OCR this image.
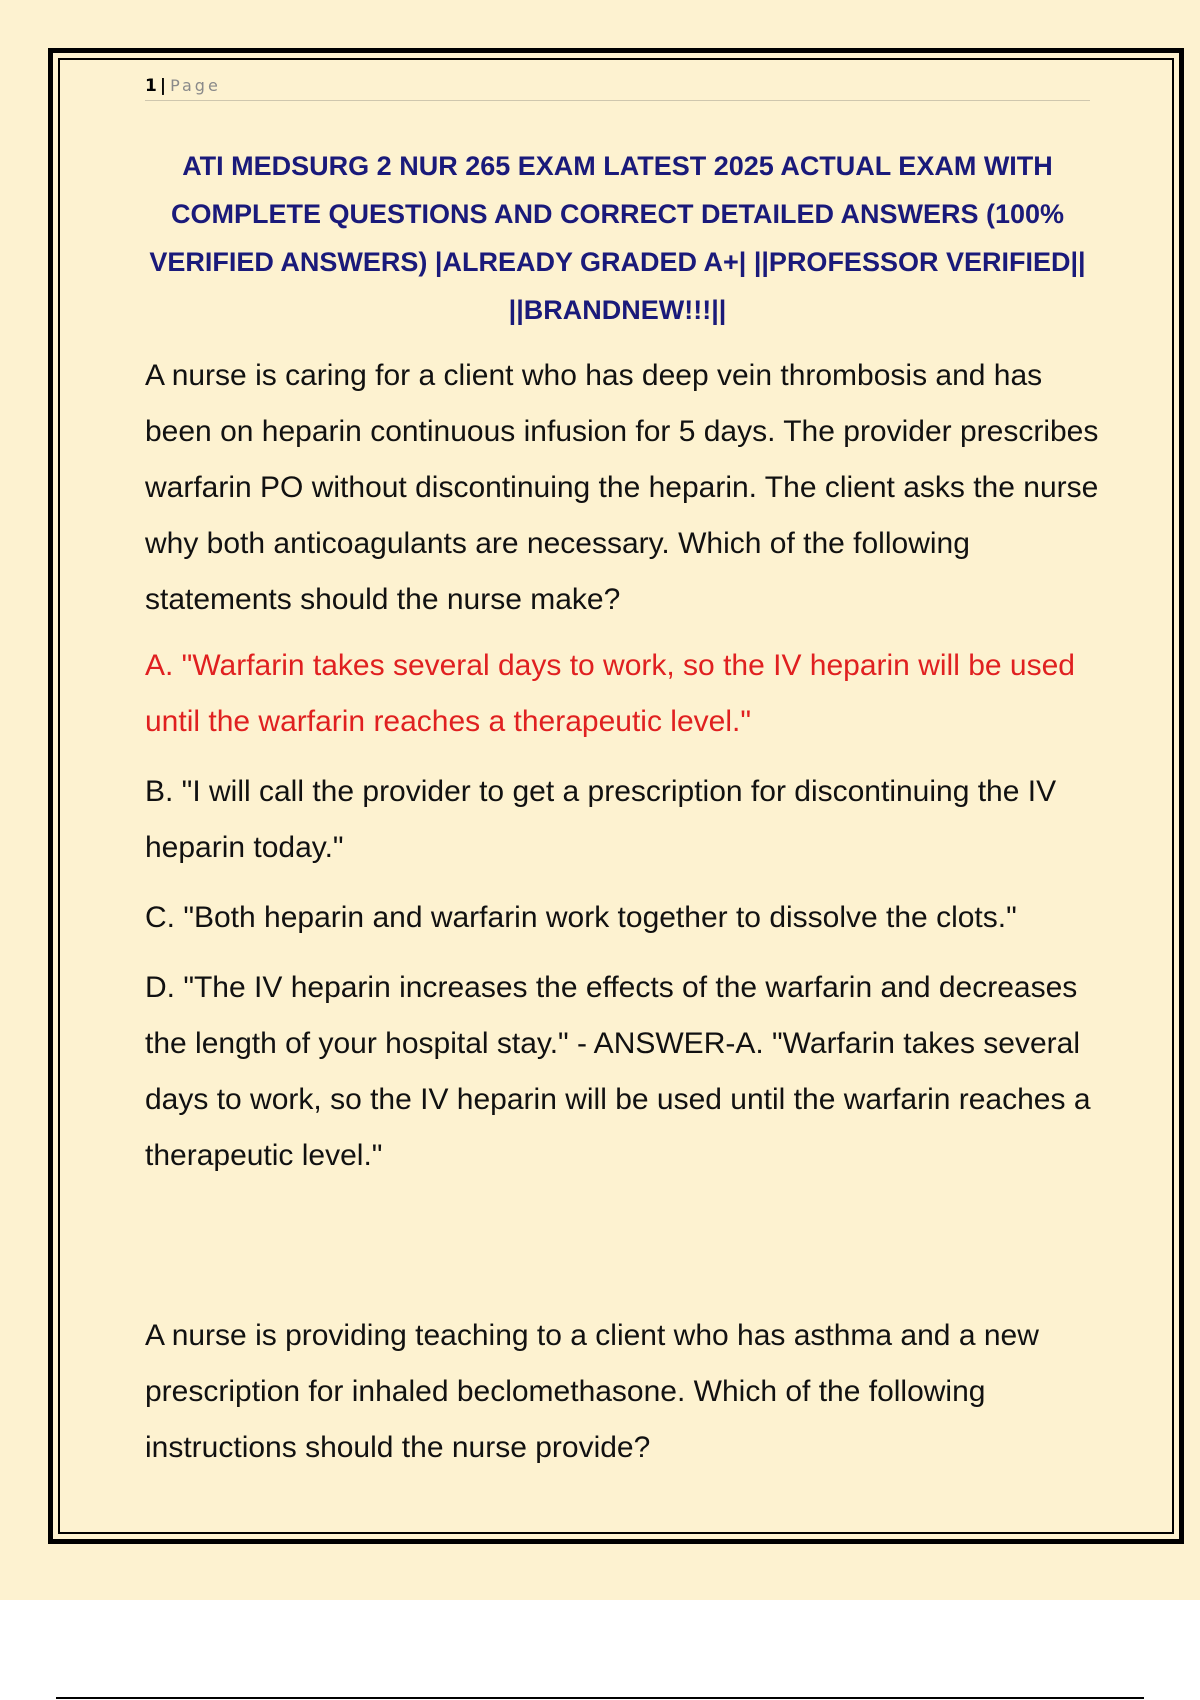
1 | Page
ATI MEDSURG 2 NUR 265 EXAM LATEST 2025 ACTUAL EXAM WITH COMPLETE QUESTIONS AND CORRECT DETAILED ANSWERS (100% VERIFIED ANSWERS) |ALREADY GRADED A+| ||PROFESSOR VERIFIED|| ||BRANDNEW!!!||

A nurse is caring for a client who has deep vein thrombosis and has been on heparin continuous infusion for 5 days. The provider prescribes warfarin PO without discontinuing the heparin. The client asks the nurse why both anticoagulants are necessary. Which of the following statements should the nurse make?

A. "Warfarin takes several days to work, so the IV heparin will be used until the warfarin reaches a therapeutic level."

B. "I will call the provider to get a prescription for discontinuing the IV heparin today."

C. "Both heparin and warfarin work together to dissolve the clots."

D. "The IV heparin increases the effects of the warfarin and decreases the length of your hospital stay." - ANSWER-A. "Warfarin takes several days to work, so the IV heparin will be used until the warfarin reaches a therapeutic level."

A nurse is providing teaching to a client who has asthma and a new prescription for inhaled beclomethasone. Which of the following instructions should the nurse provide?
